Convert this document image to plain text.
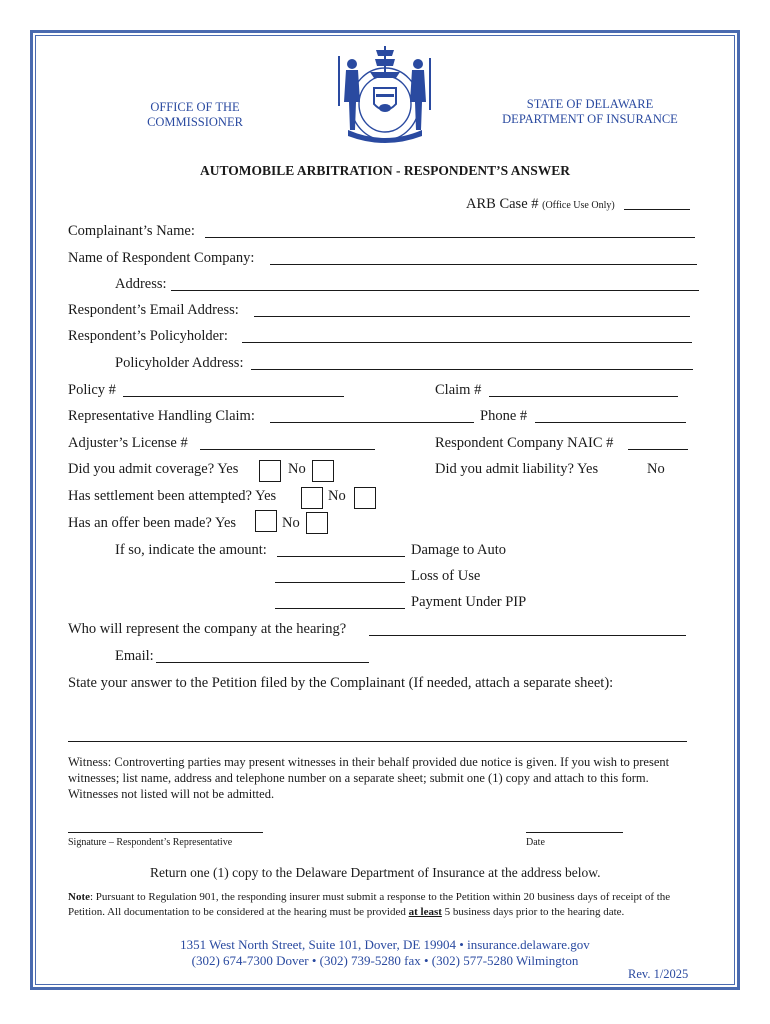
OFFICE OF THE
COMMISSIONER
STATE OF DELAWARE
DEPARTMENT OF INSURANCE
AUTOMOBILE ARBITRATION - RESPONDENT’S ANSWER
ARB Case # (Office Use Only)
Complainant’s Name:
Name of Respondent Company:
Address:
Respondent’s Email Address:
Respondent’s Policyholder:
Policyholder Address:
Policy #	Claim #
Representative Handling Claim:	Phone #
Adjuster’s License #	Respondent Company NAIC #
Did you admit coverage? Yes	No	Did you admit liability? Yes	No
Has settlement been attempted? Yes	No
Has an offer been made? Yes	No
If so, indicate the amount:	Damage to Auto
Loss of Use
Payment Under PIP
Who will represent the company at the hearing?
Email:
State your answer to the Petition filed by the Complainant (If needed, attach a separate sheet):
Witness: Controverting parties may present witnesses in their behalf provided due notice is given. If you wish to present witnesses; list name, address and telephone number on a separate sheet; submit one (1) copy and attach to this form. Witnesses not listed will not be admitted.
Signature – Respondent’s Representative	Date
Return one (1) copy to the Delaware Department of Insurance at the address below.
Note: Pursuant to Regulation 901, the responding insurer must submit a response to the Petition within 20 business days of receipt of the Petition. All documentation to be considered at the hearing must be provided at least 5 business days prior to the hearing date.
1351 West North Street, Suite 101, Dover, DE 19904 • insurance.delaware.gov
(302) 674-7300 Dover • (302) 739-5280 fax • (302) 577-5280 Wilmington
Rev. 1/2025
